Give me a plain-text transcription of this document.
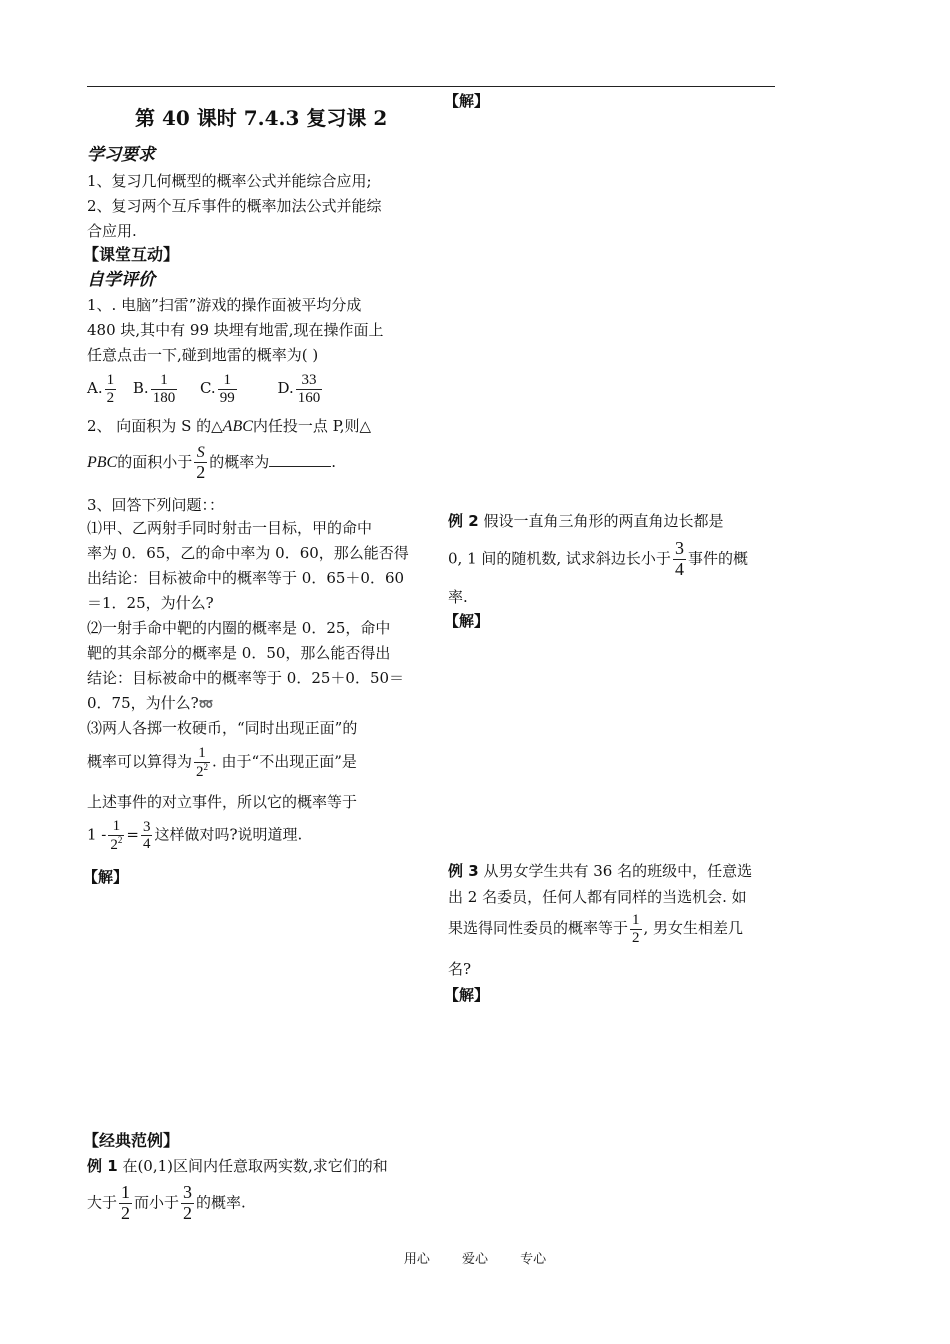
第 40 课时 7.4.3 复习课 2
学习要求
1、复习几何概型的概率公式并能综合应用;
2、复习两个互斥事件的概率加法公式并能综
合应用.
【课堂互动】
自学评价
1、. 电脑”扫雷”游戏的操作面被平均分成
480 块,其中有 99 块埋有地雷,现在操作面上
任意点击一下,碰到地雷的概率为( )
A. $\frac{1}{2} B$. $\frac{1}{180} C$. $\frac{1}{99}$	D. $\frac{33}{160}$
2、 向面积为 S 的△ABC内任投一点 P,则△
PBC的面积小于 $\frac{S}{2}$ 的概率为	.
3、回答下列问题：：
⑴甲、乙两射手同时射击一目标，甲的命中
率为 0．65，乙的命中率为 0．60，那么能否得
出结论：目标被命中的概率等于 0．65＋0．60
＝1．25，为什么?
⑵一射手命中靶的内圈的概率是 0．25，命中
靶的其余部分的概率是 0．50，那么能否得出
结论：目标被命中的概率等于 0．25＋0．50＝
0．75，为什么?➿
⑶两人各掷一枚硬币，“同时出现正面”的
概率可以算得为 $\frac{1}{2^2}$ . 由于“不出现正面”是
上述事件的对立事件，所以它的概率等于
$1 - \frac{1}{2^2} = \frac{3}{4}$ 这样做对吗?说明道理.
【解】
【经典范例】
例 1 在(0,1)区间内任意取两实数,求它们的和
大于 $\frac{1}{2}$ 而小于 $\frac{3}{2}$ 的概率.
【解】
例 2 假设一直角三角形的两直角边长都是
0, 1 间的随机数, 试求斜边长小于 $\frac{3}{4}$ 事件的概
率.
【解】
例 3 从男女学生共有 36 名的班级中，任意选
出 2 名委员，任何人都有同样的当选机会. 如
果选得同性委员的概率等于 $\frac{1}{2}$ , 男女生相差几
名?
【解】
用心 爱心 专心
